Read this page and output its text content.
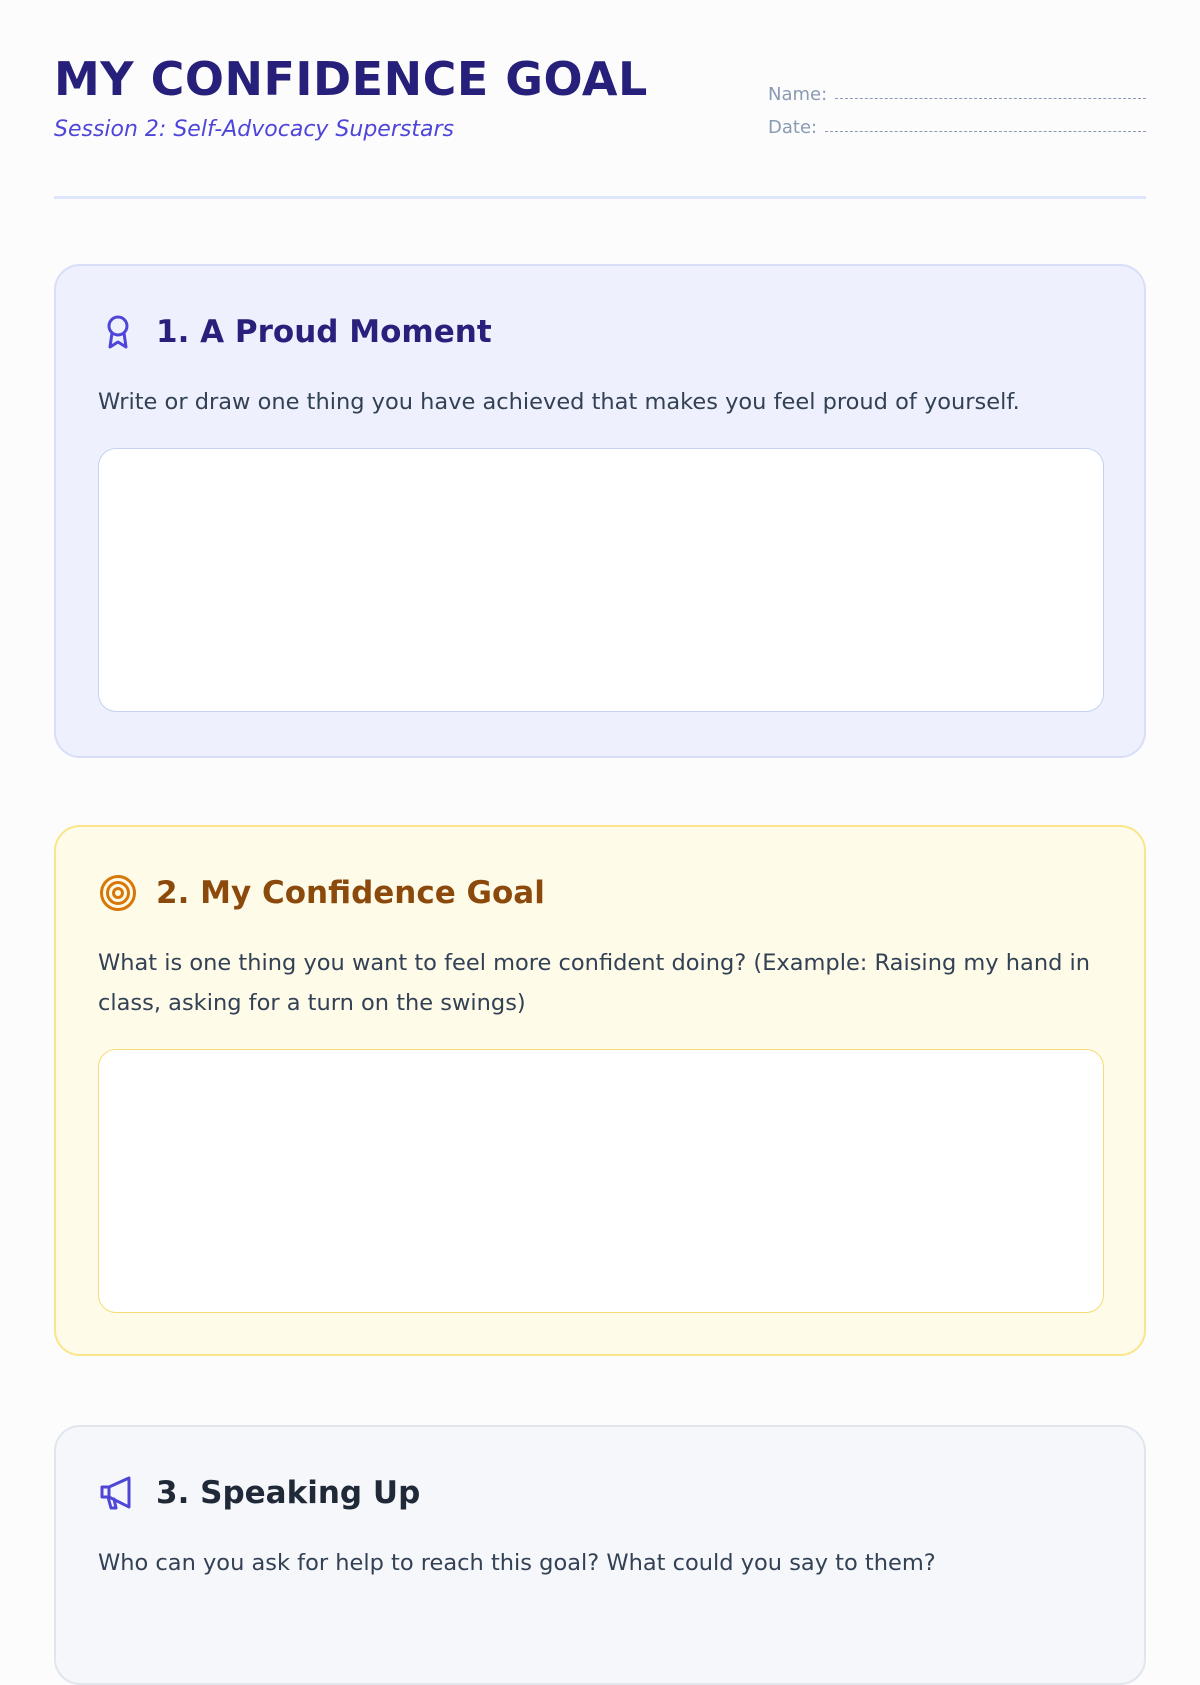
MY CONFIDENCE GOAL
Session 2: Self-Advocacy Superstars
Name:
Date:
1. A Proud Moment

Write or draw one thing you have achieved that makes you feel proud of yourself.

2. My Confidence Goal

What is one thing you want to feel more confident doing? (Example: Raising my hand in class, asking for a turn on the swings)

3. Speaking Up

Who can you ask for help to reach this goal? What could you say to them?
